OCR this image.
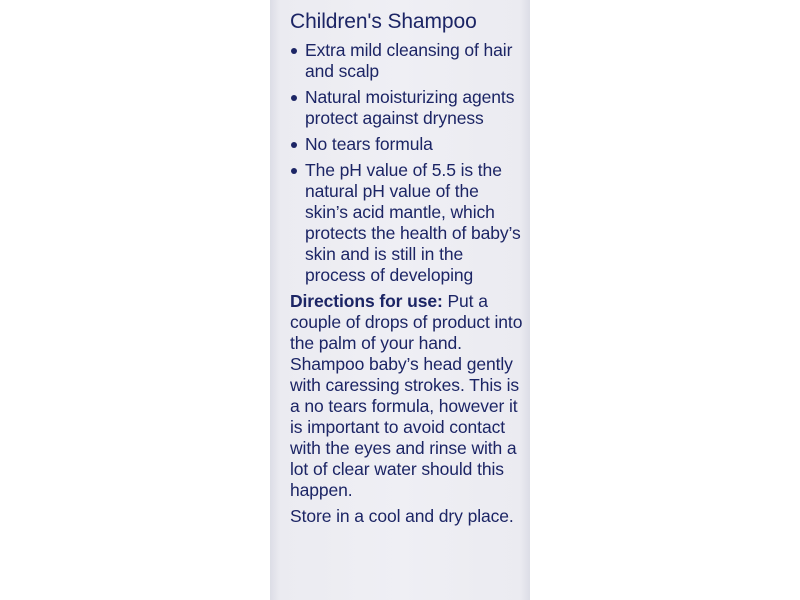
Children's Shampoo
Extra mild cleansing of hair and scalp
Natural moisturizing agents protect against dryness
No tears formula
The pH value of 5.5 is the natural pH value of the skin’s acid mantle, which protects the health of baby’s skin and is still in the process of developing

Directions for use: Put a couple of drops of product into the palm of your hand. Shampoo baby’s head gently with caressing strokes. This is a no tears formula, however it is important to avoid contact with the eyes and rinse with a lot of clear water should this happen.

Store in a cool and dry place.
